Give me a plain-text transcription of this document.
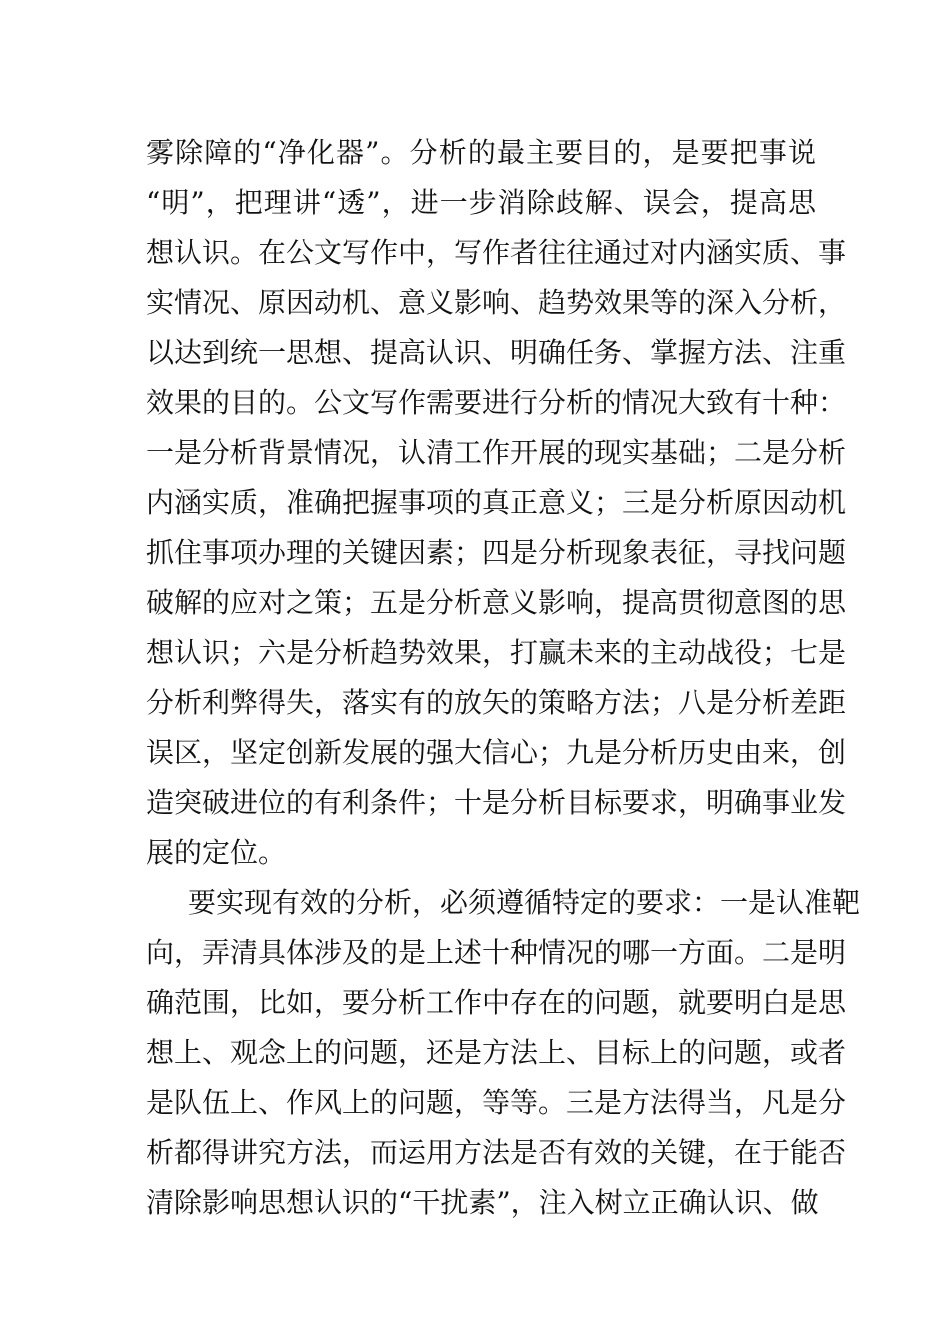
雾除障的“净化器”。分析的最主要目的，是要把事说
“明”，把理讲“透”，进一步消除歧解、误会，提高思
想认识。在公文写作中，写作者往往通过对内涵实质、事
实情况、原因动机、意义影响、趋势效果等的深入分析，
以达到统一思想、提高认识、明确任务、掌握方法、注重
效果的目的。公文写作需要进行分析的情况大致有十种：
一是分析背景情况，认清工作开展的现实基础；二是分析
内涵实质，准确把握事项的真正意义；三是分析原因动机
抓住事项办理的关键因素；四是分析现象表征，寻找问题
破解的应对之策；五是分析意义影响，提高贯彻意图的思
想认识；六是分析趋势效果，打赢未来的主动战役；七是
分析利弊得失，落实有的放矢的策略方法；八是分析差距
误区，坚定创新发展的强大信心；九是分析历史由来，创
造突破进位的有利条件；十是分析目标要求，明确事业发
展的定位。
要实现有效的分析，必须遵循特定的要求：一是认准靶
向，弄清具体涉及的是上述十种情况的哪一方面。二是明
确范围，比如，要分析工作中存在的问题，就要明白是思
想上、观念上的问题，还是方法上、目标上的问题，或者
是队伍上、作风上的问题，等等。三是方法得当，凡是分
析都得讲究方法，而运用方法是否有效的关键，在于能否
清除影响思想认识的“干扰素”，注入树立正确认识、做
